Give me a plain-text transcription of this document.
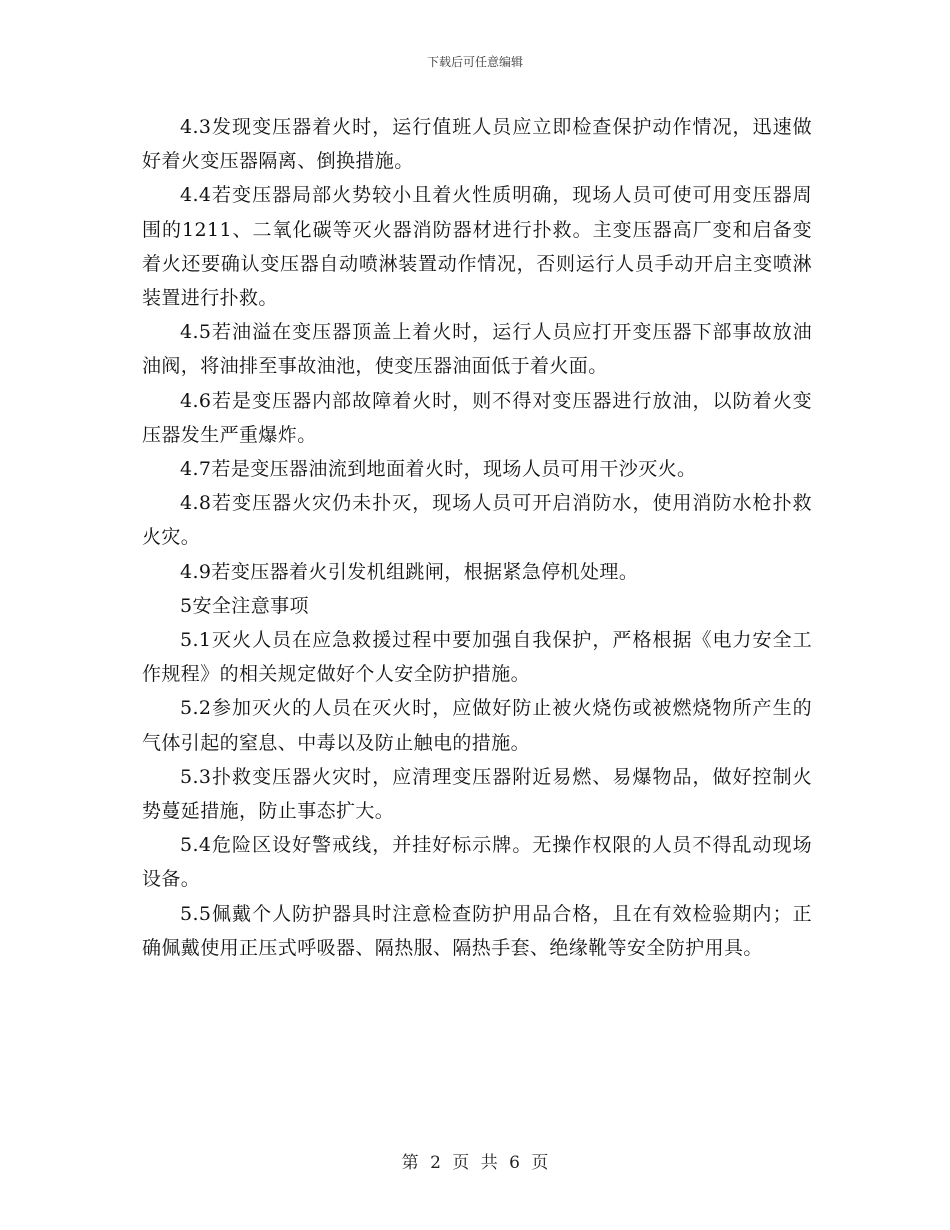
下载后可任意编辑

4.3发现变压器着火时，运行值班人员应立即检查保护动作情况，迅速做好着火变压器隔离、倒换措施。

4.4若变压器局部火势较小且着火性质明确，现场人员可使可用变压器周围的1211、二氧化碳等灭火器消防器材进行扑救。主变压器高厂变和启备变着火还要确认变压器自动喷淋装置动作情况，否则运行人员手动开启主变喷淋装置进行扑救。

4.5若油溢在变压器顶盖上着火时，运行人员应打开变压器下部事故放油油阀，将油排至事故油池，使变压器油面低于着火面。

4.6若是变压器内部故障着火时，则不得对变压器进行放油，以防着火变压器发生严重爆炸。

4.7若是变压器油流到地面着火时，现场人员可用干沙灭火。

4.8若变压器火灾仍未扑灭，现场人员可开启消防水，使用消防水枪扑救火灾。

4.9若变压器着火引发机组跳闸，根据紧急停机处理。

5安全注意事项

5.1灭火人员在应急救援过程中要加强自我保护，严格根据《电力安全工作规程》的相关规定做好个人安全防护措施。

5.2参加灭火的人员在灭火时，应做好防止被火烧伤或被燃烧物所产生的气体引起的窒息、中毒以及防止触电的措施。

5.3扑救变压器火灾时，应清理变压器附近易燃、易爆物品，做好控制火势蔓延措施，防止事态扩大。

5.4危险区设好警戒线，并挂好标示牌。无操作权限的人员不得乱动现场设备。

5.5佩戴个人防护器具时注意检查防护用品合格，且在有效检验期内；正确佩戴使用正压式呼吸器、隔热服、隔热手套、绝缘靴等安全防护用具。

第 2 页 共 6 页
